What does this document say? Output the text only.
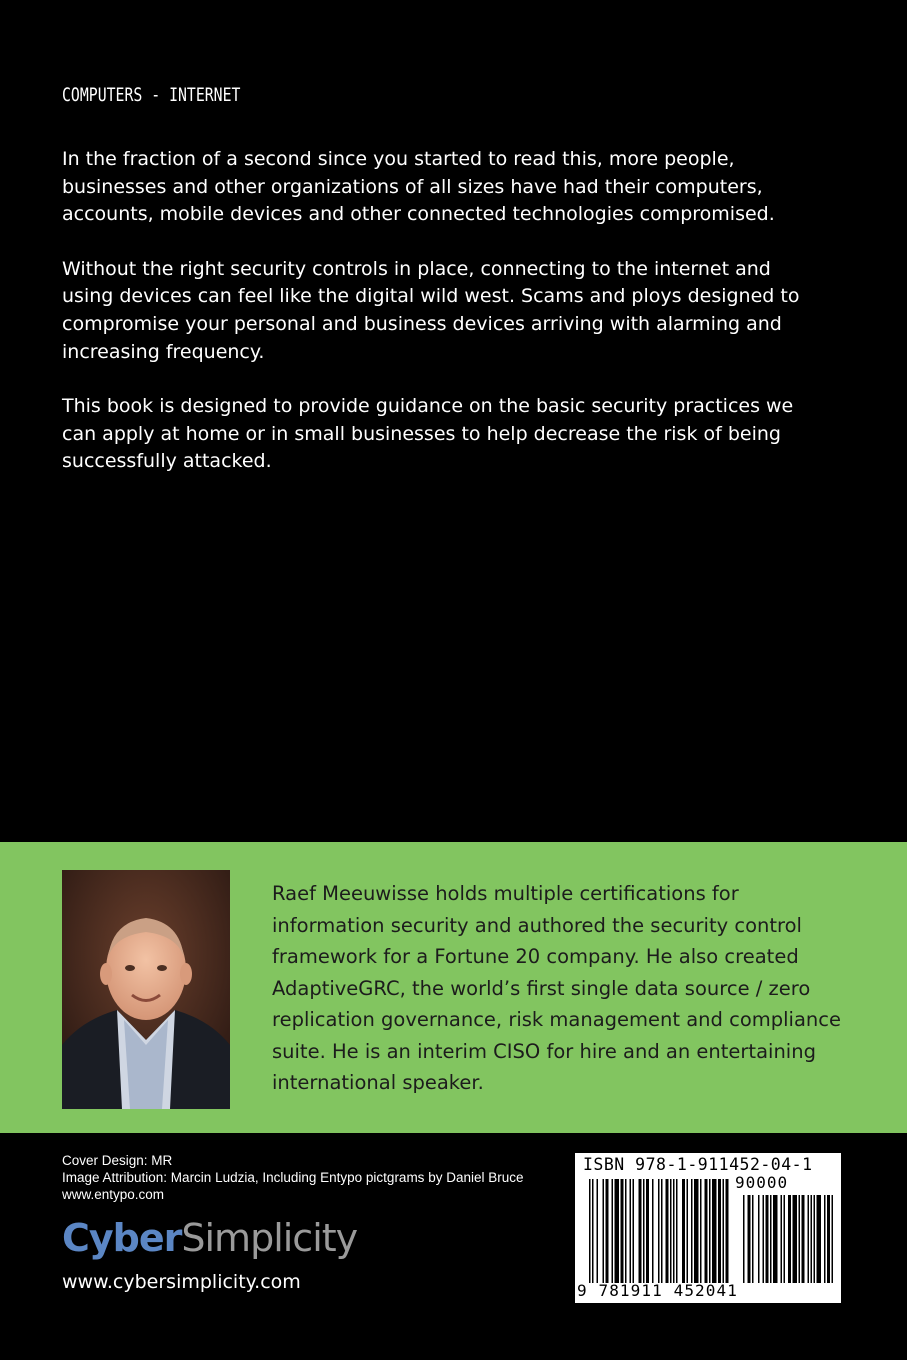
COMPUTERS - INTERNET

In the fraction of a second since you started to read this, more people, businesses and other organizations of all sizes have had their computers, accounts, mobile devices and other connected technologies compromised.

Without the right security controls in place, connecting to the internet and using devices can feel like the digital wild west. Scams and ploys designed to compromise your personal and business devices arriving with alarming and increasing frequency.

This book is designed to provide guidance on the basic security practices we can apply at home or in small businesses to help decrease the risk of being successfully attacked.

Raef Meeuwisse holds multiple certifications for information security and authored the security control framework for a Fortune 20 company. He also created AdaptiveGRC, the world’s first single data source / zero replication governance, risk management and compliance suite. He is an interim CISO for hire and an entertaining international speaker.
Cover Design: MR
Image Attribution: Marcin Ludzia, Including Entypo pictgrams by Daniel Bruce
www.entypo.com
CyberSimplicity
www.cybersimplicity.com
ISBN 978-1-911452-04-1
90000
9 781911 452041
